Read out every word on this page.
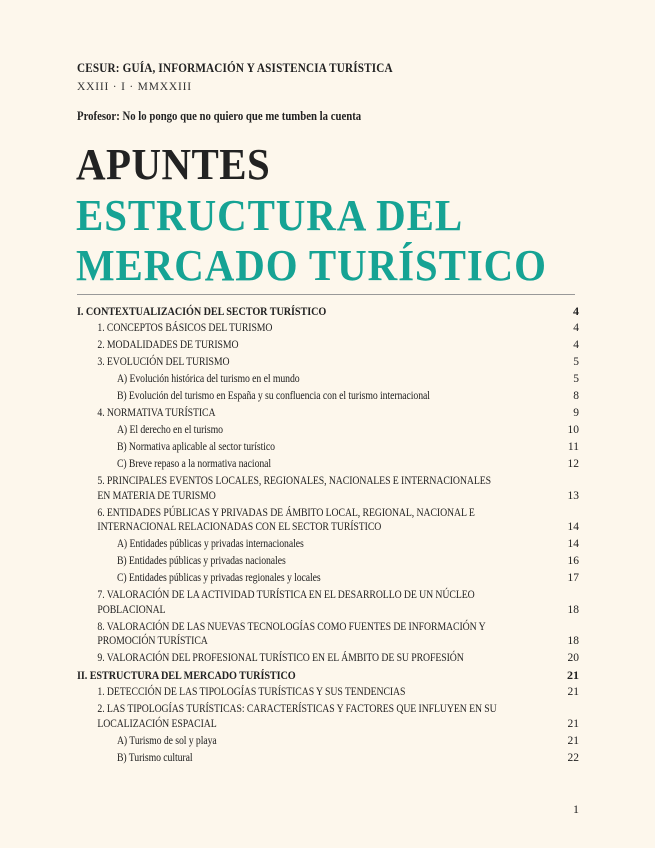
CESUR: GUÍA, INFORMACIÓN Y ASISTENCIA TURÍSTICA
XXIII · I · MMXXIII
Profesor: No lo pongo que no quiero que me tumben la cuenta
APUNTES
ESTRUCTURA DEL
MERCADO TURÍSTICO
I. CONTEXTUALIZACIÓN DEL SECTOR TURÍSTICO	4
1. CONCEPTOS BÁSICOS DEL TURISMO	4
2. MODALIDADES DE TURISMO	4
3. EVOLUCIÓN DEL TURISMO	5
A) Evolución histórica del turismo en el mundo	5
B) Evolución del turismo en España y su confluencia con el turismo internacional	8
4. NORMATIVA TURÍSTICA	9
A) El derecho en el turismo	10
B) Normativa aplicable al sector turístico	11
C) Breve repaso a la normativa nacional	12
5. PRINCIPALES EVENTOS LOCALES, REGIONALES, NACIONALES E INTERNACIONALES
EN MATERIA DE TURISMO	13
6. ENTIDADES PÚBLICAS Y PRIVADAS DE ÁMBITO LOCAL, REGIONAL, NACIONAL E
INTERNACIONAL RELACIONADAS CON EL SECTOR TURÍSTICO	14
A) Entidades públicas y privadas internacionales	14
B) Entidades públicas y privadas nacionales	16
C) Entidades públicas y privadas regionales y locales	17
7. VALORACIÓN DE LA ACTIVIDAD TURÍSTICA EN EL DESARROLLO DE UN NÚCLEO
POBLACIONAL	18
8. VALORACIÓN DE LAS NUEVAS TECNOLOGÍAS COMO FUENTES DE INFORMACIÓN Y
PROMOCIÓN TURÍSTICA	18
9. VALORACIÓN DEL PROFESIONAL TURÍSTICO EN EL ÁMBITO DE SU PROFESIÓN	20
II. ESTRUCTURA DEL MERCADO TURÍSTICO	21
1. DETECCIÓN DE LAS TIPOLOGÍAS TURÍSTICAS Y SUS TENDENCIAS	21
2. LAS TIPOLOGÍAS TURÍSTICAS: CARACTERÍSTICAS Y FACTORES QUE INFLUYEN EN SU
LOCALIZACIÓN ESPACIAL	21
A) Turismo de sol y playa	21
B) Turismo cultural	22
1
